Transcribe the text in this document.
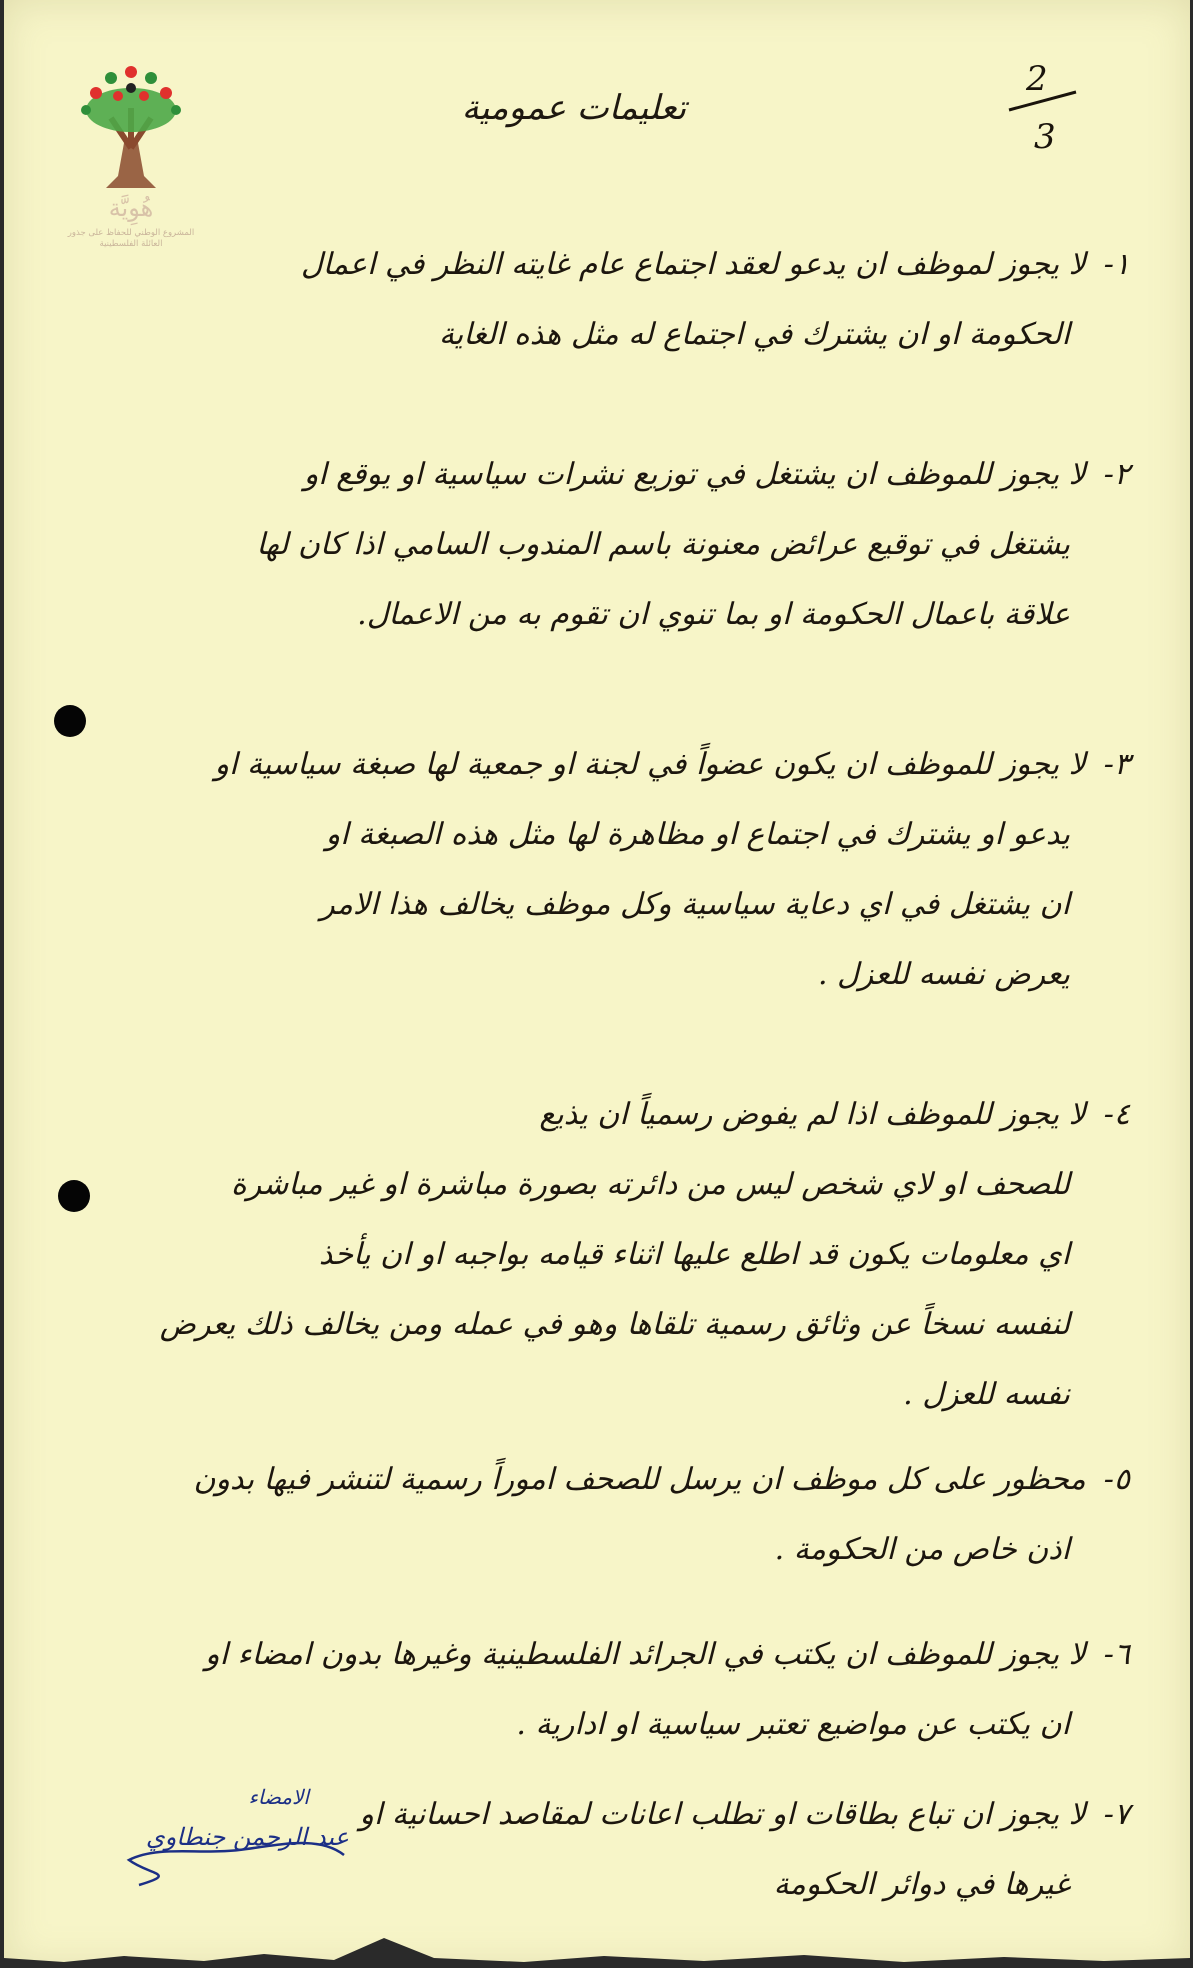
هُوِيَّة
المشروع الوطني للحفاظ على جذور العائلة الفلسطينية
2
3
تعليمات عمومية
١-لا يجوز لموظف ان يدعو لعقد اجتماع عام غايته النظر في اعمال
الحكومة او ان يشترك في اجتماع له مثل هذه الغاية
٢-لا يجوز للموظف ان يشتغل في توزيع نشرات سياسية او يوقع او
يشتغل في توقيع عرائض معنونة باسم المندوب السامي اذا كان لها
علاقة باعمال الحكومة او بما تنوي ان تقوم به من الاعمال.
٣-لا يجوز للموظف ان يكون عضواً في لجنة او جمعية لها صبغة سياسية او
يدعو او يشترك في اجتماع او مظاهرة لها مثل هذه الصبغة او
ان يشتغل في اي دعاية سياسية وكل موظف يخالف هذا الامر
يعرض نفسه للعزل .
٤-لا يجوز للموظف اذا لم يفوض رسمياً ان يذيع
للصحف او لاي شخص ليس من دائرته بصورة مباشرة او غير مباشرة
اي معلومات يكون قد اطلع عليها اثناء قيامه بواجبه او ان يأخذ
لنفسه نسخاً عن وثائق رسمية تلقاها وهو في عمله ومن يخالف ذلك يعرض
نفسه للعزل .
٥-محظور على كل موظف ان يرسل للصحف اموراً رسمية لتنشر فيها بدون
اذن خاص من الحكومة .
٦-لا يجوز للموظف ان يكتب في الجرائد الفلسطينية وغيرها بدون امضاء او
ان يكتب عن مواضيع تعتبر سياسية او ادارية .
٧-لا يجوز ان تباع بطاقات او تطلب اعانات لمقاصد احسانية او
غيرها في دوائر الحكومة
الامضاء
عبد الرحمن جنطاوي
